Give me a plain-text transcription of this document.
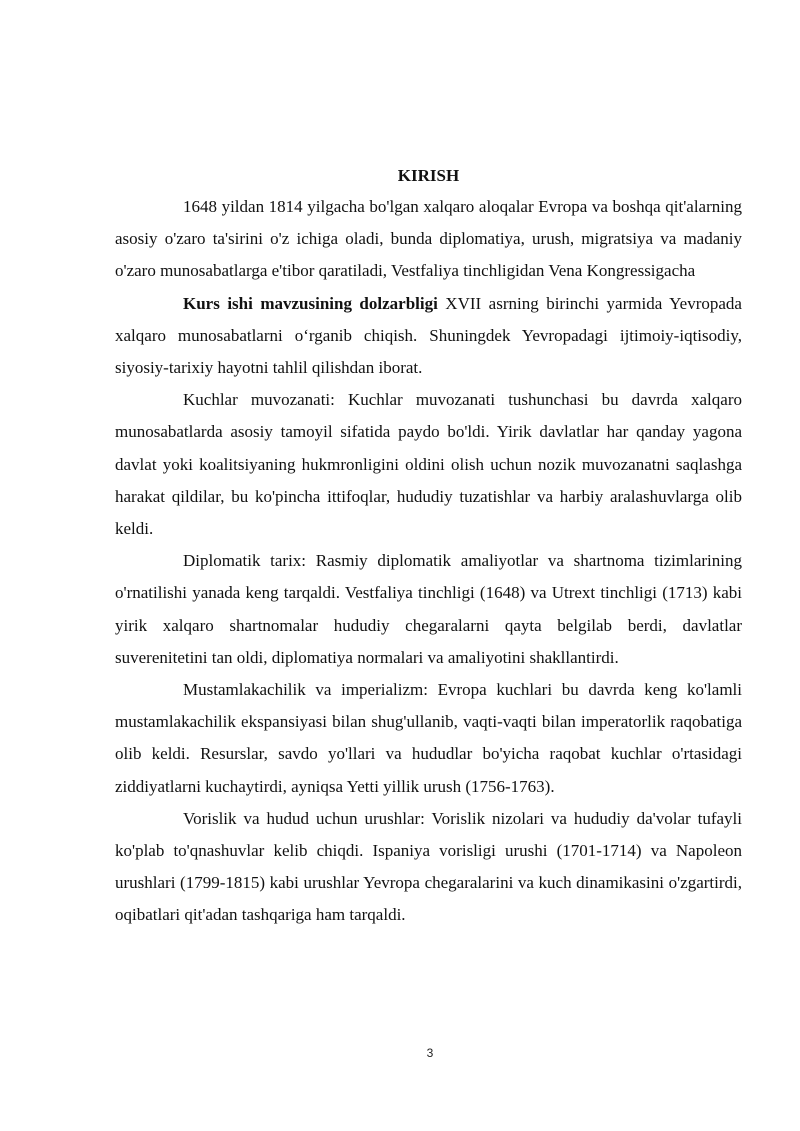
KIRISH

1648 yildan 1814 yilgacha bo'lgan xalqaro aloqalar Evropa va boshqa qit'alarning asosiy o'zaro ta'sirini o'z ichiga oladi, bunda diplomatiya, urush, migratsiya va madaniy o'zaro munosabatlarga e'tibor qaratiladi, Vestfaliya tinchligidan Vena Kongressigacha

Kurs ishi mavzusining dolzarbligi XVII asrning birinchi yarmida Yevropada xalqaro munosabatlarni oʻrganib chiqish. Shuningdek Yevropadagi ijtimoiy-iqtisodiy, siyosiy-tarixiy hayotni tahlil qilishdan iborat.

Kuchlar muvozanati: Kuchlar muvozanati tushunchasi bu davrda xalqaro munosabatlarda asosiy tamoyil sifatida paydo bo'ldi. Yirik davlatlar har qanday yagona davlat yoki koalitsiyaning hukmronligini oldini olish uchun nozik muvozanatni saqlashga harakat qildilar, bu ko'pincha ittifoqlar, hududiy tuzatishlar va harbiy aralashuvlarga olib keldi.

Diplomatik tarix: Rasmiy diplomatik amaliyotlar va shartnoma tizimlarining o'rnatilishi yanada keng tarqaldi. Vestfaliya tinchligi (1648) va Utrext tinchligi (1713) kabi yirik xalqaro shartnomalar hududiy chegaralarni qayta belgilab berdi, davlatlar suverenitetini tan oldi, diplomatiya normalari va amaliyotini shakllantirdi.

Mustamlakachilik va imperializm: Evropa kuchlari bu davrda keng ko'lamli mustamlakachilik ekspansiyasi bilan shug'ullanib, vaqti-vaqti bilan imperatorlik raqobatiga olib keldi. Resurslar, savdo yo'llari va hududlar bo'yicha raqobat kuchlar o'rtasidagi ziddiyatlarni kuchaytirdi, ayniqsa Yetti yillik urush (1756-1763).

Vorislik va hudud uchun urushlar: Vorislik nizolari va hududiy da'volar tufayli ko'plab to'qnashuvlar kelib chiqdi. Ispaniya vorisligi urushi (1701-1714) va Napoleon urushlari (1799-1815) kabi urushlar Yevropa chegaralarini va kuch dinamikasini o'zgartirdi, oqibatlari qit'adan tashqariga ham tarqaldi.

3
